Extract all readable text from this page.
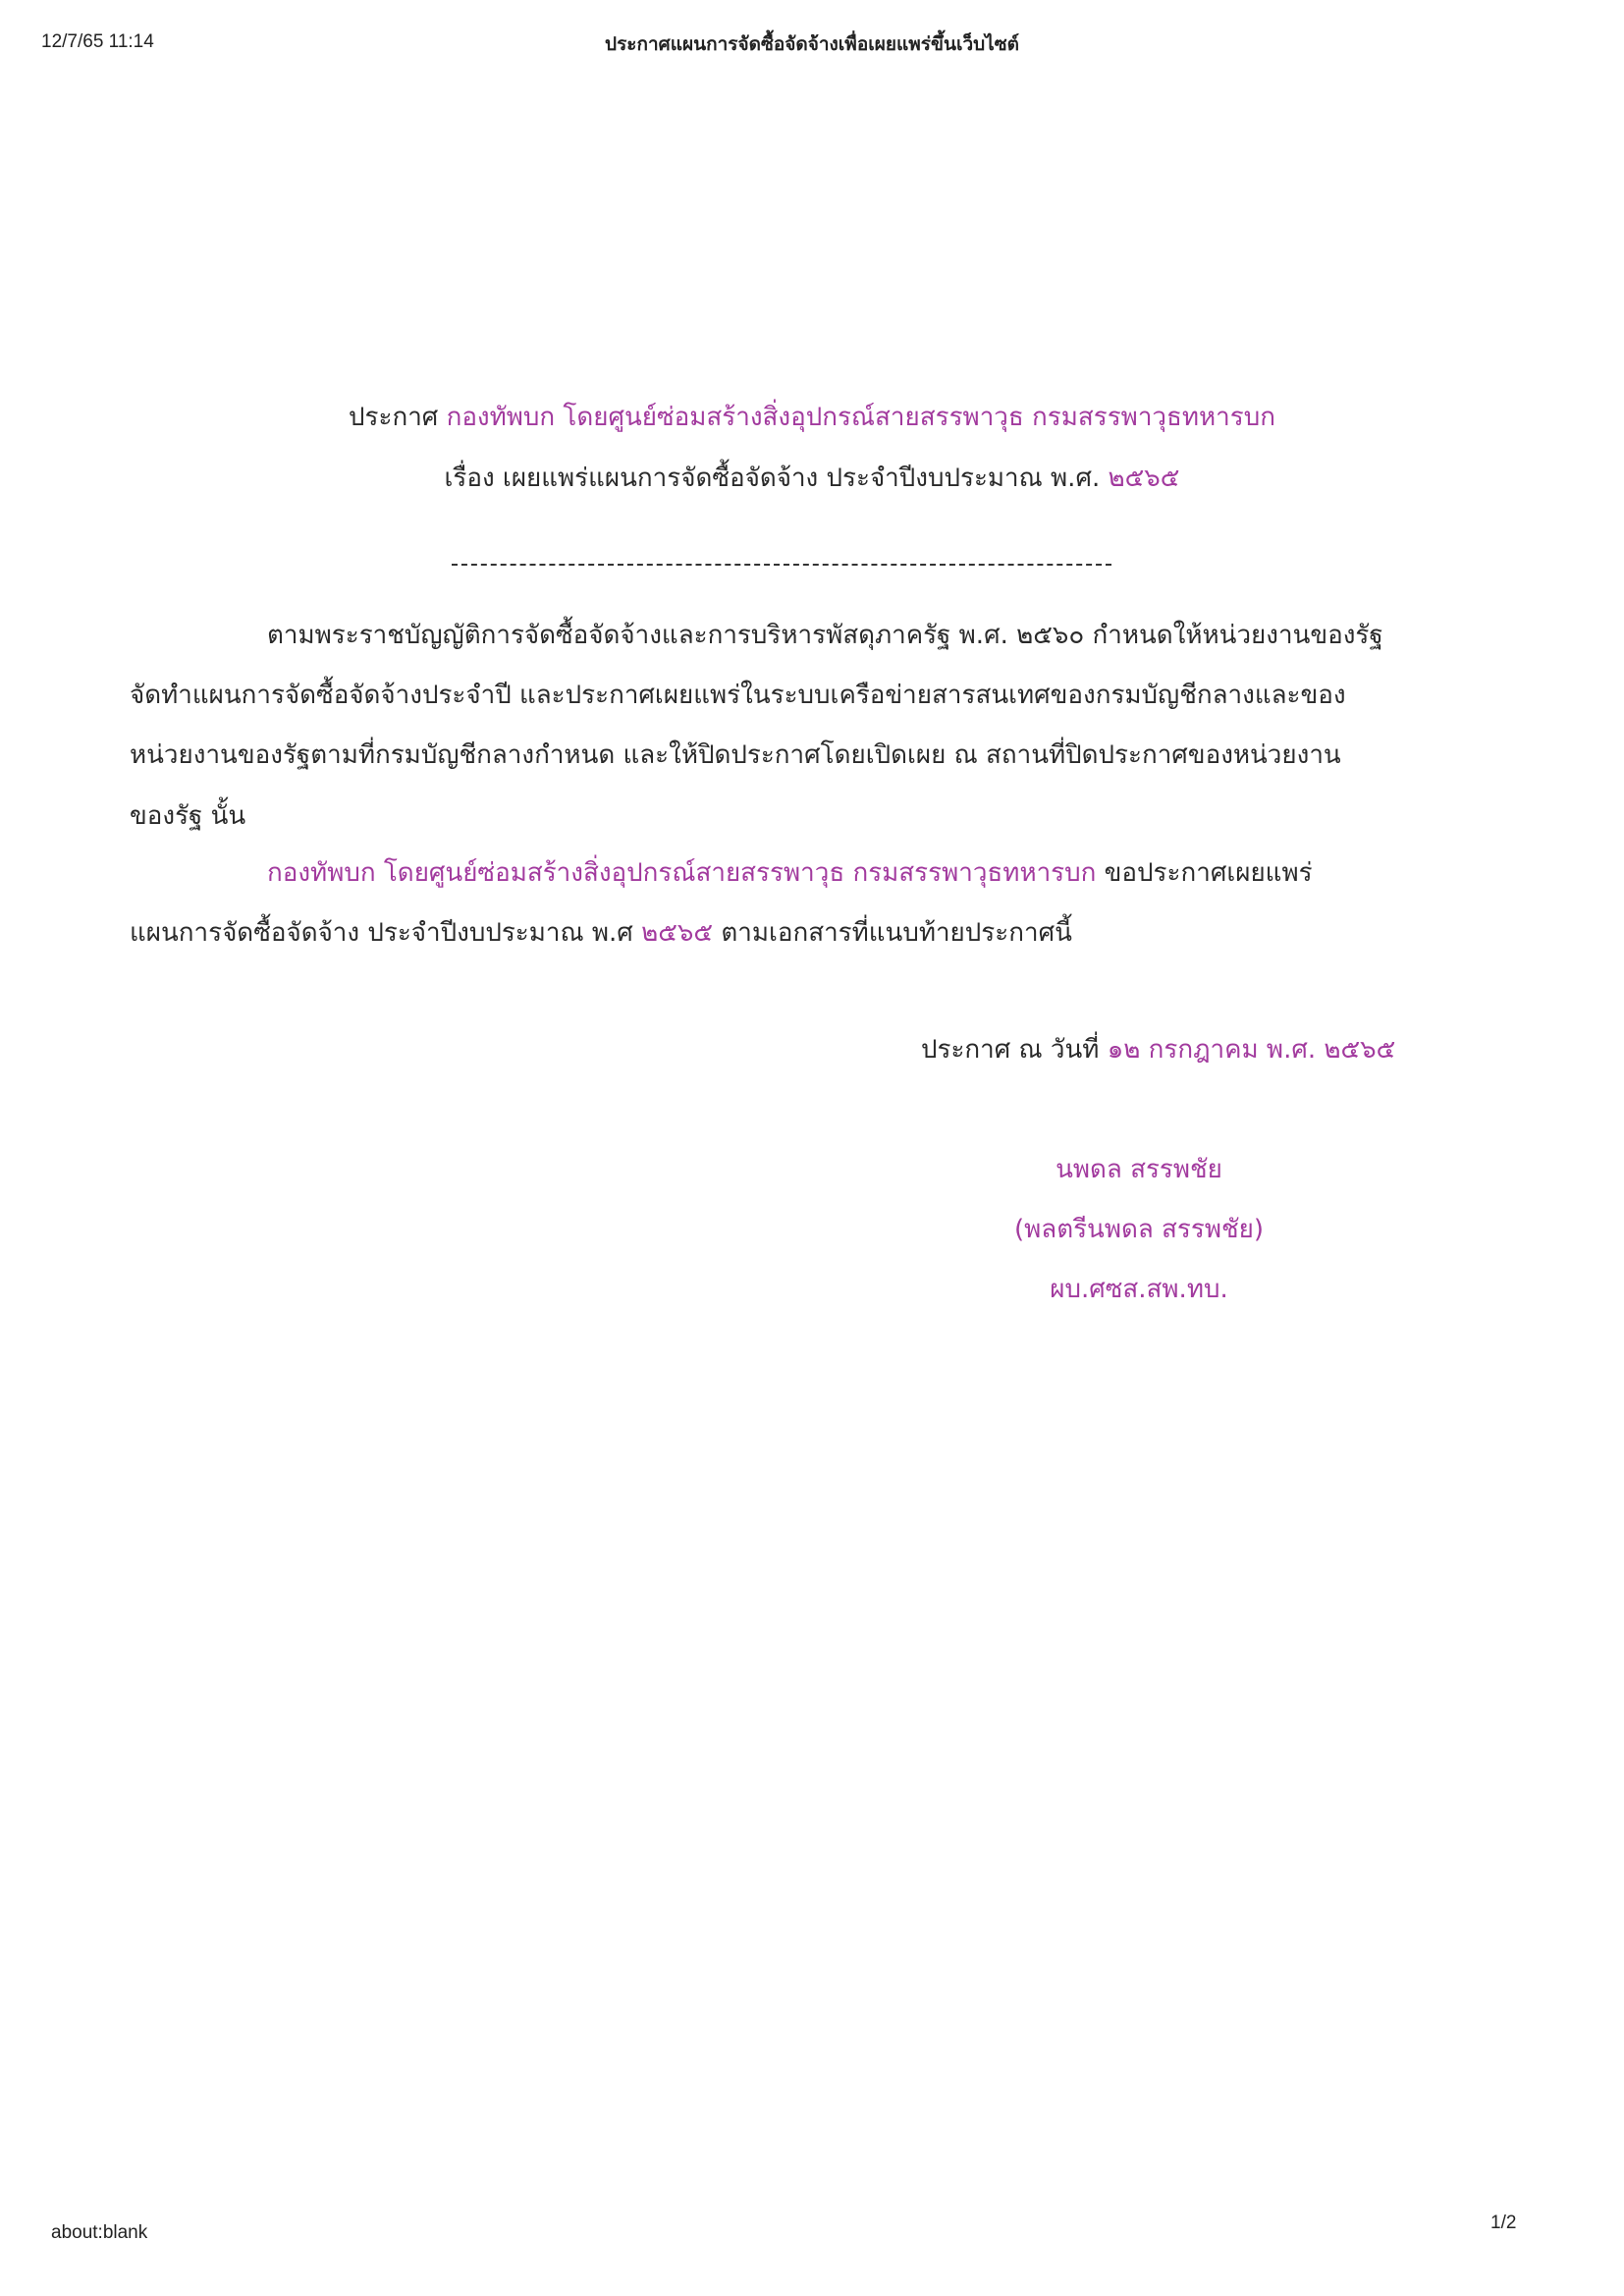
12/7/65 11:14	ประกาศแผนการจัดซื้อจัดจ้างเพื่อเผยแพร่ขึ้นเว็บไซต์
ประกาศ กองทัพบก โดยศูนย์ซ่อมสร้างสิ่งอุปกรณ์สายสรรพาวุธ กรมสรรพาวุธทหารบก
เรื่อง เผยแพร่แผนการจัดซื้อจัดจ้าง ประจำปีงบประมาณ พ.ศ. ๒๕๖๕
ตามพระราชบัญญัติการจัดซื้อจัดจ้างและการบริหารพัสดุภาครัฐ พ.ศ. ๒๕๖๐ กำหนดให้หน่วยงานของรัฐ
จัดทำแผนการจัดซื้อจัดจ้างประจำปี และประกาศเผยแพร่ในระบบเครือข่ายสารสนเทศของกรมบัญชีกลางและของ
หน่วยงานของรัฐตามที่กรมบัญชีกลางกำหนด และให้ปิดประกาศโดยเปิดเผย ณ สถานที่ปิดประกาศของหน่วยงาน
ของรัฐ นั้น
กองทัพบก โดยศูนย์ซ่อมสร้างสิ่งอุปกรณ์สายสรรพาวุธ กรมสรรพาวุธทหารบก ขอประกาศเผยแพร่
แผนการจัดซื้อจัดจ้าง ประจำปีงบประมาณ พ.ศ ๒๕๖๕ ตามเอกสารที่แนบท้ายประกาศนี้
ประกาศ ณ วันที่ ๑๒ กรกฎาคม พ.ศ. ๒๕๖๕
นพดล สรรพชัย
(พลตรีนพดล สรรพชัย)
ผบ.ศซส.สพ.ทบ.
about:blank	1/2
